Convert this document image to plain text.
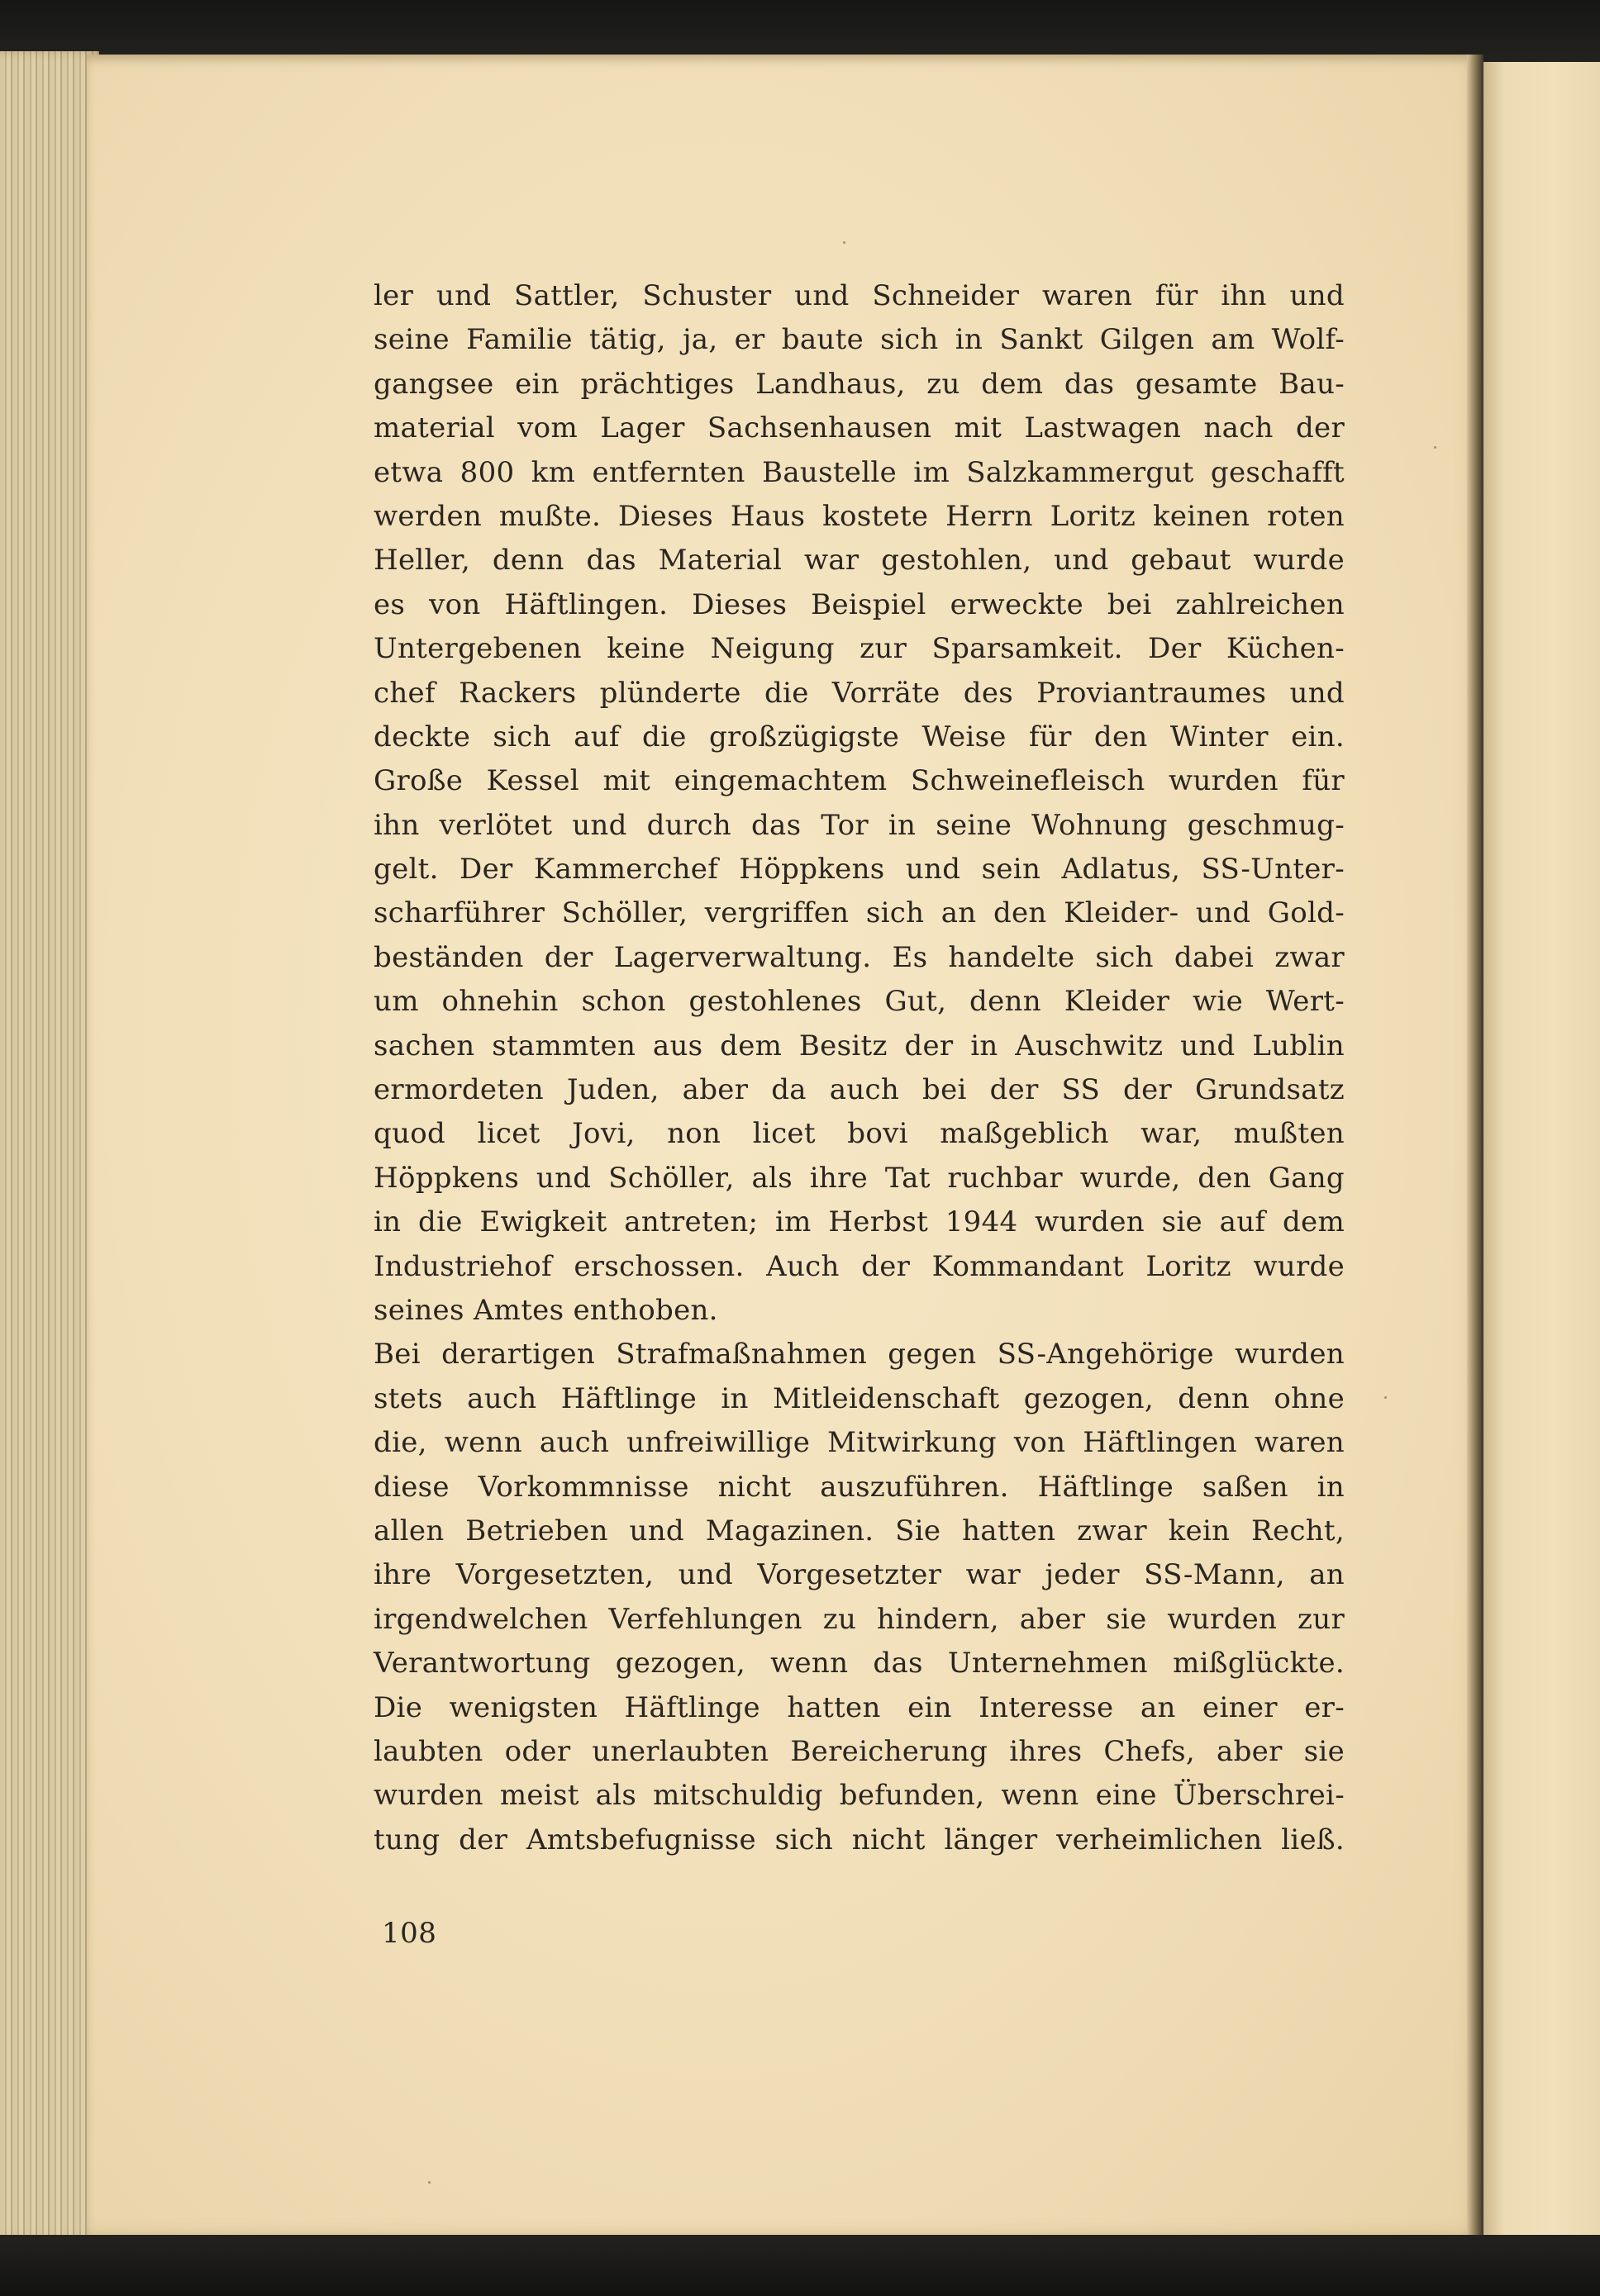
ler und Sattler, Schuster und Schneider waren für ihn und
seine Familie tätig, ja, er baute sich in Sankt Gilgen am Wolf-
gangsee ein prächtiges Landhaus, zu dem das gesamte Bau-
material vom Lager Sachsenhausen mit Lastwagen nach der
etwa 800 km entfernten Baustelle im Salzkammergut geschafft
werden mußte. Dieses Haus kostete Herrn Loritz keinen roten
Heller, denn das Material war gestohlen, und gebaut wurde
es von Häftlingen. Dieses Beispiel erweckte bei zahlreichen
Untergebenen keine Neigung zur Sparsamkeit. Der Küchen-
chef Rackers plünderte die Vorräte des Proviantraumes und
deckte sich auf die großzügigste Weise für den Winter ein.
Große Kessel mit eingemachtem Schweinefleisch wurden für
ihn verlötet und durch das Tor in seine Wohnung geschmug-
gelt. Der Kammerchef Höppkens und sein Adlatus, SS-Unter-
scharführer Schöller, vergriffen sich an den Kleider- und Gold-
beständen der Lagerverwaltung. Es handelte sich dabei zwar
um ohnehin schon gestohlenes Gut, denn Kleider wie Wert-
sachen stammten aus dem Besitz der in Auschwitz und Lublin
ermordeten Juden, aber da auch bei der SS der Grundsatz
quod licet Jovi, non licet bovi maßgeblich war, mußten
Höppkens und Schöller, als ihre Tat ruchbar wurde, den Gang
in die Ewigkeit antreten; im Herbst 1944 wurden sie auf dem
Industriehof erschossen. Auch der Kommandant Loritz wurde
seines Amtes enthoben.
Bei derartigen Strafmaßnahmen gegen SS-Angehörige wurden
stets auch Häftlinge in Mitleidenschaft gezogen, denn ohne
die, wenn auch unfreiwillige Mitwirkung von Häftlingen waren
diese Vorkommnisse nicht auszuführen. Häftlinge saßen in
allen Betrieben und Magazinen. Sie hatten zwar kein Recht,
ihre Vorgesetzten, und Vorgesetzter war jeder SS-Mann, an
irgendwelchen Verfehlungen zu hindern, aber sie wurden zur
Verantwortung gezogen, wenn das Unternehmen mißglückte.
Die wenigsten Häftlinge hatten ein Interesse an einer er-
laubten oder unerlaubten Bereicherung ihres Chefs, aber sie
wurden meist als mitschuldig befunden, wenn eine Überschrei-
tung der Amtsbefugnisse sich nicht länger verheimlichen ließ.
108
